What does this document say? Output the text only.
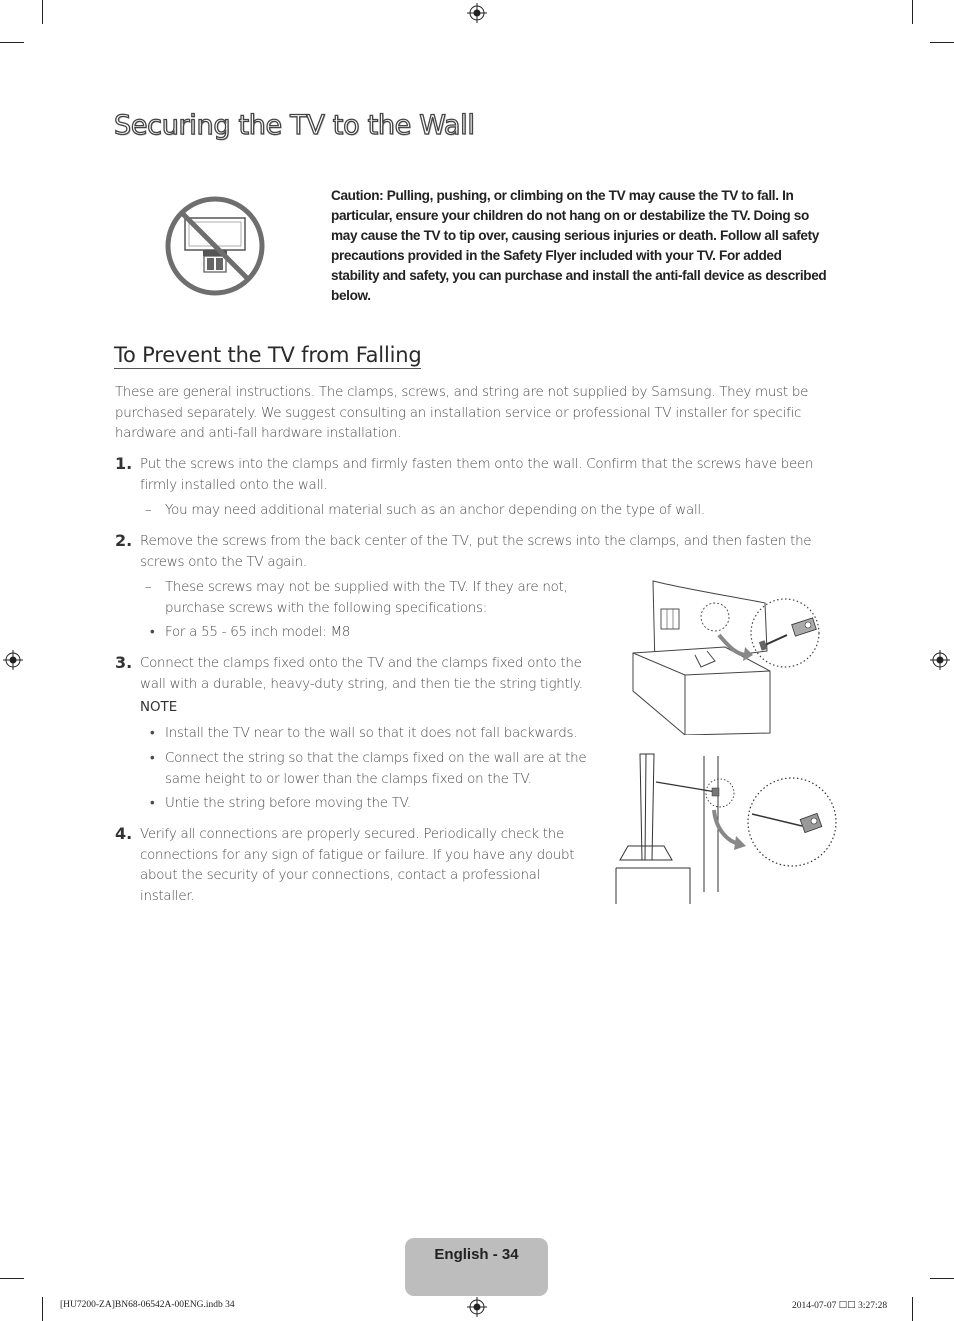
Securing the TV to the Wall
Caution: Pulling, pushing, or climbing on the TV may cause the TV to fall. In particular, ensure your children do not hang on or destabilize the TV. Doing so may cause the TV to tip over, causing serious injuries or death. Follow all safety precautions provided in the Safety Flyer included with your TV. For added stability and safety, you can purchase and install the anti-fall device as described below.
To Prevent the TV from Falling
These are general instructions. The clamps, screws, and string are not supplied by Samsung. They must be purchased separately. We suggest consulting an installation service or professional TV installer for specific hardware and anti-fall hardware installation.
1. Put the screws into the clamps and firmly fasten them onto the wall. Confirm that the screws have been firmly installed onto the wall.
– You may need additional material such as an anchor depending on the type of wall.
2. Remove the screws from the back center of the TV, put the screws into the clamps, and then fasten the screws onto the TV again.
– These screws may not be supplied with the TV. If they are not, purchase screws with the following specifications:
• For a 55 - 65 inch model: M8
3. Connect the clamps fixed onto the TV and the clamps fixed onto the wall with a durable, heavy-duty string, and then tie the string tightly.
NOTE
• Install the TV near to the wall so that it does not fall backwards.
• Connect the string so that the clamps fixed on the wall are at the same height to or lower than the clamps fixed on the TV.
• Untie the string before moving the TV.
4. Verify all connections are properly secured. Periodically check the connections for any sign of fatigue or failure. If you have any doubt about the security of your connections, contact a professional installer.
English - 34
[HU7200-ZA]BN68-06542A-00ENG.indb 34	2014-07-07 ☐☐ 3:27:28
